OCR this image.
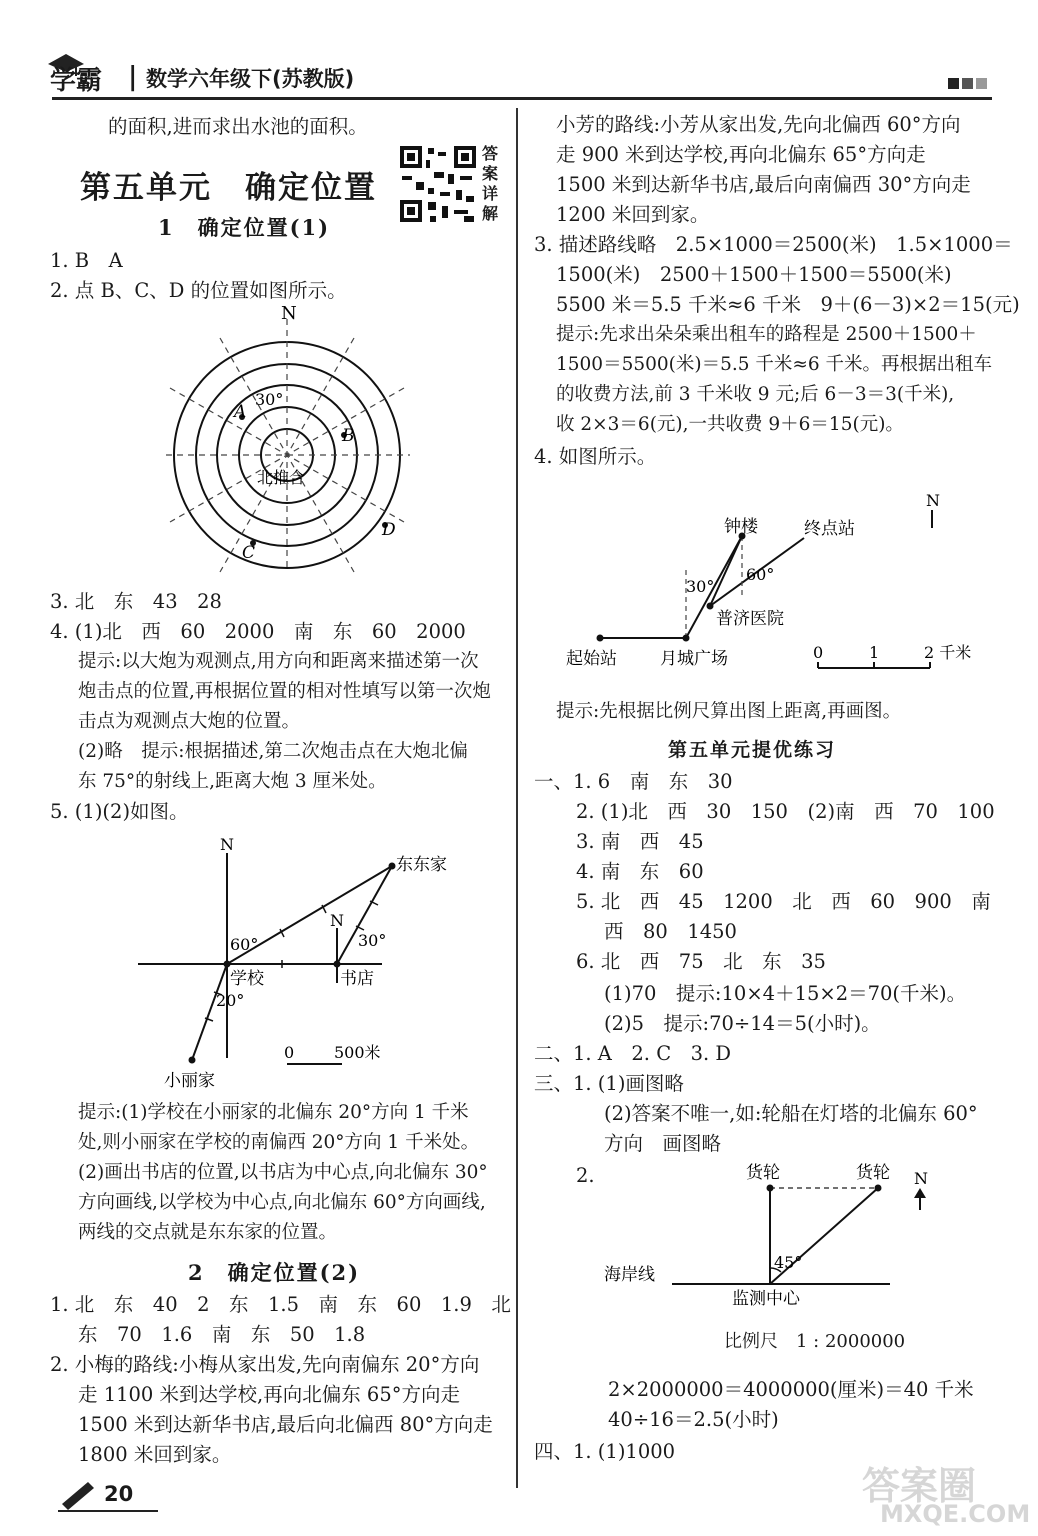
学霸 | 数学六年级下(苏教版)
的面积,进而求出水池的面积。
第五单元　确定位置
答案详解
1　确定位置(1)
1. B　A
2. 点 B、C、D 的位置如图所示。
N
30°
A
B
C
D
北推合
3. 北　东　43　28
4. (1)北　西　60　2000　南　东　60　2000
提示:以大炮为观测点,用方向和距离来描述第一次
炮击点的位置,再根据位置的相对性填写以第一次炮
击点为观测点大炮的位置。
(2)略　提示:根据描述,第二次炮击点在大炮北偏
东 75°的射线上,距离大炮 3 厘米处。
5. (1)(2)如图。
N
N
60°	30°
20°
学校	书店
东东家
小丽家
0 500米
提示:(1)学校在小丽家的北偏东 20°方向 1 千米
处,则小丽家在学校的南偏西 20°方向 1 千米处。
(2)画出书店的位置,以书店为中心点,向北偏东 30°
方向画线,以学校为中心点,向北偏东 60°方向画线,
两线的交点就是东东家的位置。
2　确定位置(2)
1. 北　东　40　2　东　1.5　南　东　60　1.9　北
东　70　1.6　南　东　50　1.8
2. 小梅的路线:小梅从家出发,先向南偏东 20°方向
走 1100 米到达学校,再向北偏东 65°方向走
1500 米到达新华书店,最后向北偏西 80°方向走
1800 米回到家。
20
小芳的路线:小芳从家出发,先向北偏西 60°方向
走 900 米到达学校,再向北偏东 65°方向走
1500 米到达新华书店,最后向南偏西 30°方向走
1200 米回到家。
3. 描述路线略　2.5×1000＝2500(米)　1.5×1000＝
1500(米)　2500＋1500＋1500＝5500(米)
5500 米＝5.5 千米≈6 千米　9＋(6－3)×2＝15(元)
提示:先求出朵朵乘出租车的路程是 2500＋1500＋
1500＝5500(米)＝5.5 千米≈6 千米。再根据出租车
的收费方法,前 3 千米收 9 元;后 6－3＝3(千米),
收 2×3＝6(元),一共收费 9＋6＝15(元)。
4. 如图所示。
N
钟楼	终点站
30°
60°
普济医院
起始站	月城广场	0	1	2 千米
提示:先根据比例尺算出图上距离,再画图。
第五单元提优练习
一、1. 6　南　东　30
2. (1)北　西　30　150　(2)南　西　70　100
3. 南　西　45
4. 南　东　60
5. 北　西　45　1200　北　西　60　900　南
西　80　1450
6. 北　西　75　北　东　35
(1)70　提示:10×4＋15×2＝70(千米)。
(2)5　提示:70÷14＝5(小时)。
二、1. A　2. C　3. D
三、1. (1)画图略
(2)答案不唯一,如:轮船在灯塔的北偏东 60°
方向　画图略
2.	货轮	货轮 N
45°
海岸线
监测中心
比例尺　1 : 2000000
2×2000000＝4000000(厘米)＝40 千米
40÷16＝2.5(小时)
四、1. (1)1000
答案圈
MXQE.COM
